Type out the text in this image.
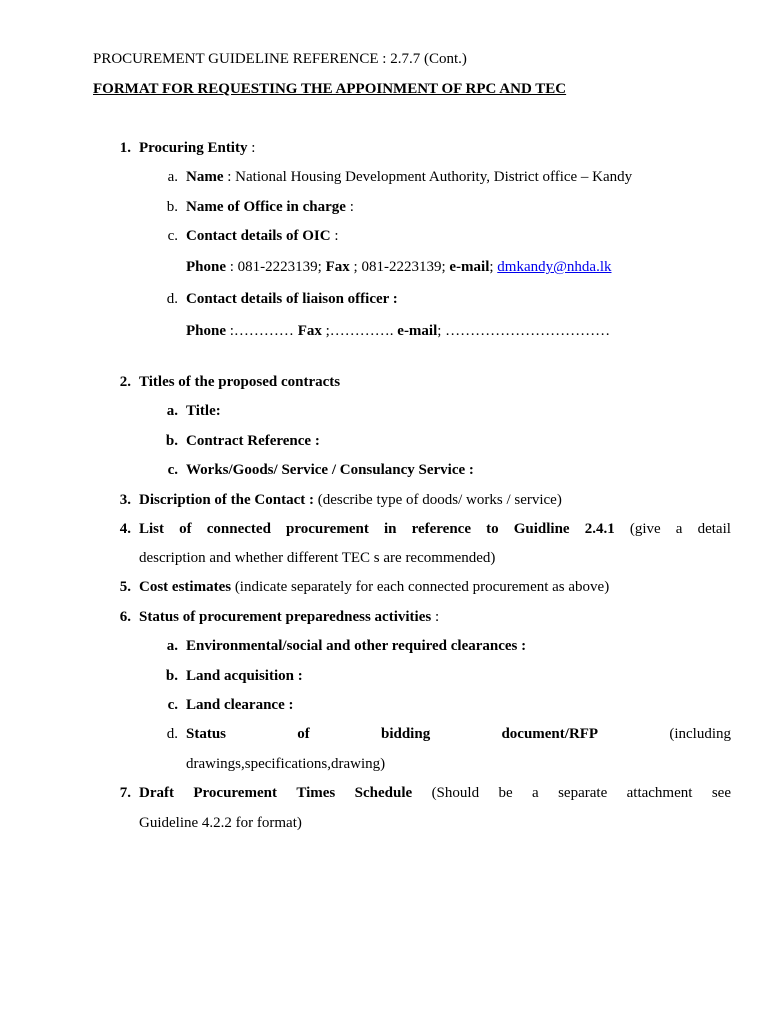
PROCUREMENT GUIDELINE REFERENCE : 2.7.7 (Cont.)
FORMAT FOR REQUESTING THE APPOINMENT OF RPC AND TEC
1. Procuring Entity :
a. Name : National Housing Development Authority, District office – Kandy
b. Name of Office in charge :
c. Contact details of OIC :
Phone : 081-2223139; Fax ; 081-2223139; e-mail; dmkandy@nhda.lk
d. Contact details of liaison officer :
Phone :………… Fax ;…………. e-mail; ……………………………
2. Titles of the proposed contracts
a. Title:
b. Contract Reference :
c. Works/Goods/ Service / Consulancy Service :
3. Discription of the Contact : (describe type of doods/ works / service)
4. List of connected procurement in reference to Guidline 2.4.1 (give a detail
description and whether different TEC s are recommended)
5. Cost estimates (indicate separately for each connected procurement as above)
6. Status of procurement preparedness activities :
a. Environmental/social and other required clearances :
b. Land acquisition :
c. Land clearance :
d. Status	of	bidding	document/RFP	(including
drawings,specifications,drawing)
7. Draft Procurement Times Schedule (Should be a separate attachment see
Guideline 4.2.2 for format)
